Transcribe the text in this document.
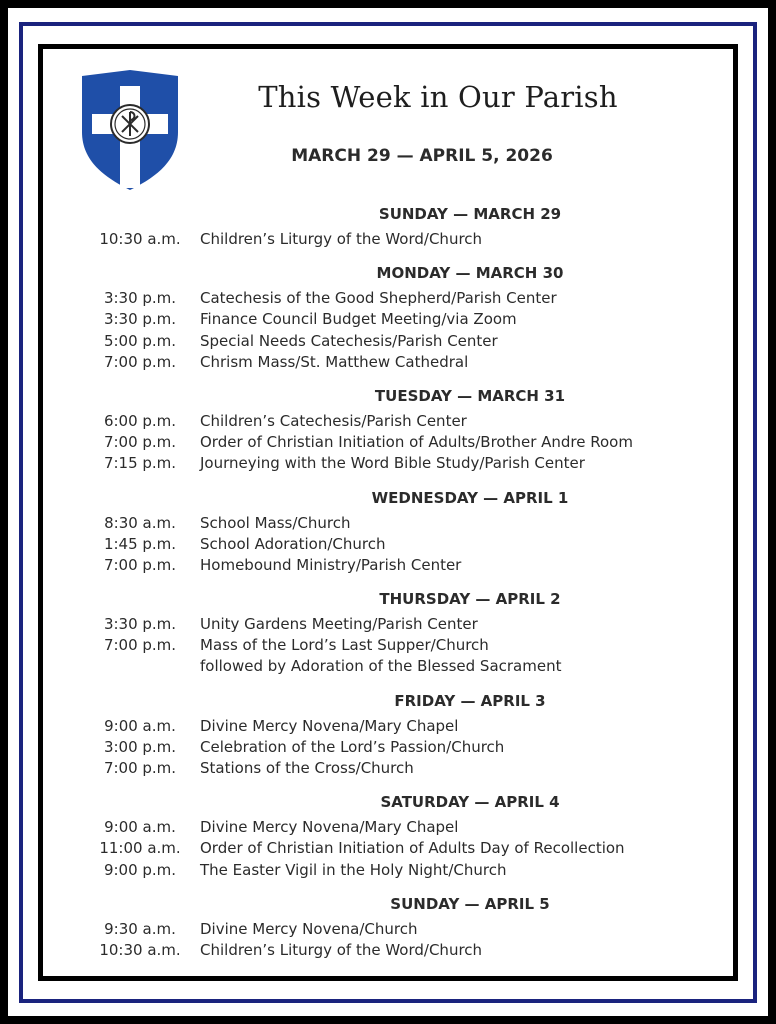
This Week in Our Parish
MARCH 29 — APRIL 5, 2026
SUNDAY — MARCH 29
10:30 a.m.	Children’s Liturgy of the Word/Church
MONDAY — MARCH 30
3:30 p.m.	Catechesis of the Good Shepherd/Parish Center
3:30 p.m.	Finance Council Budget Meeting/via Zoom
5:00 p.m.	Special Needs Catechesis/Parish Center
7:00 p.m.	Chrism Mass/St. Matthew Cathedral
TUESDAY — MARCH 31
6:00 p.m.	Children’s Catechesis/Parish Center
7:00 p.m.	Order of Christian Initiation of Adults/Brother Andre Room
7:15 p.m.	Journeying with the Word Bible Study/Parish Center
WEDNESDAY — APRIL 1
8:30 a.m.	School Mass/Church
1:45 p.m.	School Adoration/Church
7:00 p.m.	Homebound Ministry/Parish Center
THURSDAY — APRIL 2
3:30 p.m.	Unity Gardens Meeting/Parish Center
7:00 p.m.	Mass of the Lord’s Last Supper/Church
followed by Adoration of the Blessed Sacrament
FRIDAY — APRIL 3
9:00 a.m.	Divine Mercy Novena/Mary Chapel
3:00 p.m.	Celebration of the Lord’s Passion/Church
7:00 p.m.	Stations of the Cross/Church
SATURDAY — APRIL 4
9:00 a.m.	Divine Mercy Novena/Mary Chapel
11:00 a.m.	Order of Christian Initiation of Adults Day of Recollection
9:00 p.m.	The Easter Vigil in the Holy Night/Church
SUNDAY — APRIL 5
9:30 a.m.	Divine Mercy Novena/Church
10:30 a.m.	Children’s Liturgy of the Word/Church
